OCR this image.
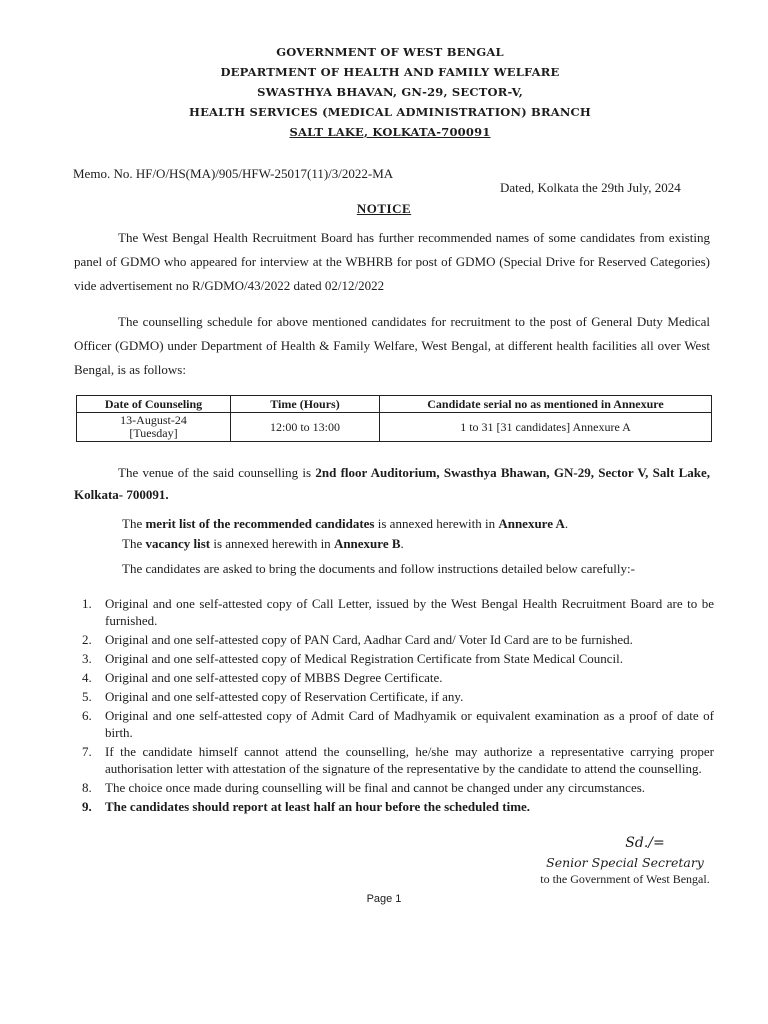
GOVERNMENT OF WEST BENGAL
DEPARTMENT OF HEALTH AND FAMILY WELFARE
SWASTHYA BHAVAN, GN-29, SECTOR-V,
HEALTH SERVICES (MEDICAL ADMINISTRATION) BRANCH
SALT LAKE, KOLKATA-700091
Memo. No. HF/O/HS(MA)/905/HFW-25017(11)/3/2022-MA
Dated, Kolkata the 29th July, 2024
NOTICE
The West Bengal Health Recruitment Board has further recommended names of some candidates from existing panel of GDMO who appeared for interview at the WBHRB for post of GDMO (Special Drive for Reserved Categories) vide advertisement no R/GDMO/43/2022 dated 02/12/2022
The counselling schedule for above mentioned candidates for recruitment to the post of General Duty Medical Officer (GDMO) under Department of Health & Family Welfare, West Bengal, at different health facilities all over West Bengal, is as follows:
Date of Counseling	Time (Hours)	Candidate serial no as mentioned in Annexure

13-August-24
[Tuesday]	12:00 to 13:00	1 to 31 [31 candidates] Annexure A
The venue of the said counselling is 2nd floor Auditorium, Swasthya Bhawan, GN-29, Sector V, Salt Lake, Kolkata- 700091.
The merit list of the recommended candidates is annexed herewith in Annexure A.
The vacancy list is annexed herewith in Annexure B.
The candidates are asked to bring the documents and follow instructions detailed below carefully:-
1. Original and one self-attested copy of Call Letter, issued by the West Bengal Health Recruitment Board are to be furnished.
2. Original and one self-attested copy of PAN Card, Aadhar Card and/ Voter Id Card are to be furnished.
3. Original and one self-attested copy of Medical Registration Certificate from State Medical Council.
4. Original and one self-attested copy of MBBS Degree Certificate.
5. Original and one self-attested copy of Reservation Certificate, if any.
6. Original and one self-attested copy of Admit Card of Madhyamik or equivalent examination as a proof of date of birth.
7. If the candidate himself cannot attend the counselling, he/she may authorize a representative carrying proper authorisation letter with attestation of the signature of the representative by the candidate to attend the counselling.
8. The choice once made during counselling will be final and cannot be changed under any circumstances.
9. The candidates should report at least half an hour before the scheduled time.
Sd./=
Senior Special Secretary
to the Government of West Bengal.
Page 1
